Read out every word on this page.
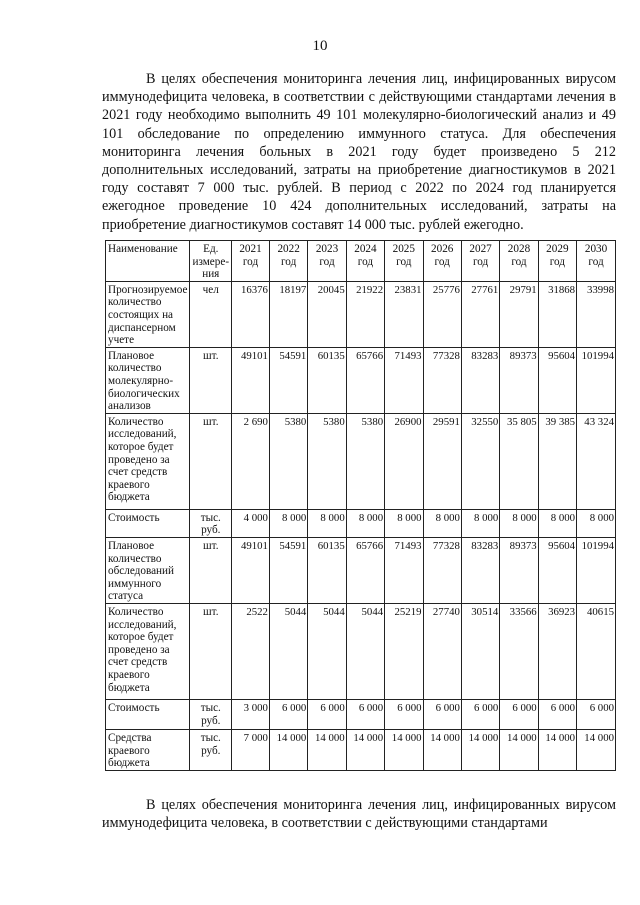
10

В целях обеспечения мониторинга лечения лиц, инфицированных вирусом иммунодефицита человека, в соответствии с действующими стандартами лечения в 2021 году необходимо выполнить 49 101 молекулярно-биологический анализ и 49 101 обследование по определению иммунного статуса. Для обеспечения мониторинга лечения больных в 2021 году будет произведено 5 212 дополнительных исследований, затраты на приобретение диагностикумов в 2021 году составят 7 000 тыс. рублей. В период с 2022 по 2024 год планируется ежегодное проведение 10 424 дополнительных исследований, затраты на приобретение диагностикумов составят 14 000 тыс. рублей ежегодно.

Наименование	Ед. измере-ния	2021 год	2022 год	2023 год	2024 год	2025 год	2026 год	2027 год	2028 год	2029 год	2030 год
Прогнозируемое количество состоящих на диспансерном учете	чел	16376	18197	20045	21922	23831	25776	27761	29791	31868	33998
Плановое количество молекулярно-биологических анализов	шт.	49101	54591	60135	65766	71493	77328	83283	89373	95604	101994
Количество исследований, которое будет проведено за счет средств краевого бюджета	шт.	2 690	5380	5380	5380	26900	29591	32550	35 805	39 385	43 324
Стоимость	тыс. руб.	4 000	8 000	8 000	8 000	8 000	8 000	8 000	8 000	8 000	8 000
Плановое количество обследований иммунного статуса	шт.	49101	54591	60135	65766	71493	77328	83283	89373	95604	101994
Количество исследований, которое будет проведено за счет средств краевого бюджета	шт.	2522	5044	5044	5044	25219	27740	30514	33566	36923	40615
Стоимость	тыс. руб.	3 000	6 000	6 000	6 000	6 000	6 000	6 000	6 000	6 000	6 000
Средства краевого бюджета	тыс. руб.	7 000	14 000	14 000	14 000	14 000	14 000	14 000	14 000	14 000	14 000

В целях обеспечения мониторинга лечения лиц, инфицированных вирусом иммунодефицита человека, в соответствии с действующими стандартами
